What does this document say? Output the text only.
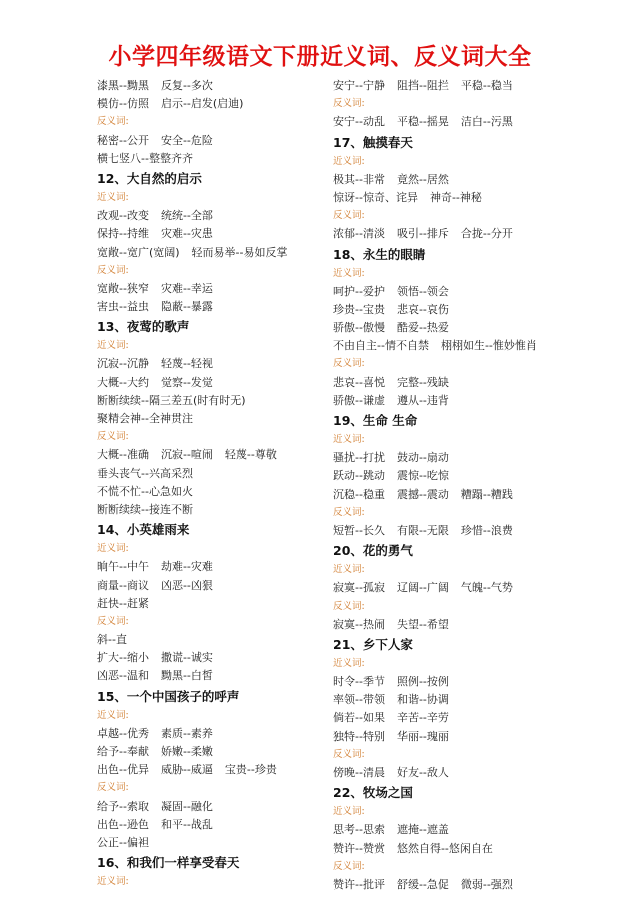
小学四年级语文下册近义词、反义词大全
漆黑--黝黑 反复--多次
模仿--仿照 启示--启发(启迪)
反义词:
秘密--公开 安全--危险
横七竖八--整整齐齐
12、大自然的启示
近义词:
改观--改变 统统--全部
保持--持维 灾难--灾患
宽敞--宽广(宽阔) 轻而易举--易如反掌
反义词:
宽敞--狭窄 灾难--幸运
害虫--益虫 隐蔽--暴露
13、夜莺的歌声
近义词:
沉寂--沉静 轻蔑--轻视
大概--大约 觉察--发觉
断断续续--隔三差五(时有时无)
聚精会神--全神贯注
反义词:
大概--准确 沉寂--喧闹 轻蔑--尊敬
垂头丧气--兴高采烈
不慌不忙--心急如火
断断续续--接连不断
14、小英雄雨来
近义词:
晌午--中午 劫难--灾难
商量--商议 凶恶--凶狠
赶快--赶紧
反义词:
斜--直
扩大--缩小 撒谎--诚实
凶恶--温和 黝黑--白皙
15、一个中国孩子的呼声
近义词:
卓越--优秀 素质--素养
给予--奉献 娇嫩--柔嫩
出色--优异 威胁--威逼 宝贵--珍贵
反义词:
给予--索取 凝固--融化
出色--逊色 和平--战乱
公正--偏袒
16、和我们一样享受春天
近义词:
安宁--宁静 阻挡--阻拦 平稳--稳当
反义词:
安宁--动乱 平稳--摇晃 洁白--污黑
17、触摸春天
近义词:
极其--非常 竟然--居然
惊讶--惊奇、诧异 神奇--神秘
反义词:
浓郁--清淡 吸引--排斥 合拢--分开
18、永生的眼睛
近义词:
呵护--爱护 领悟--领会
珍贵--宝贵 悲哀--哀伤
骄傲--傲慢 酷爱--热爱
不由自主--情不自禁 栩栩如生--惟妙惟肖
反义词:
悲哀--喜悦 完整--残缺
骄傲--谦虚 遵从--违背
19、生命 生命
近义词:
骚扰--打扰 鼓动--扇动
跃动--跳动 震惊--吃惊
沉稳--稳重 震撼--震动 糟蹋--糟践
反义词:
短暂--长久 有限--无限 珍惜--浪费
20、花的勇气
近义词:
寂寞--孤寂 辽阔--广阔 气魄--气势
反义词:
寂寞--热闹 失望--希望
21、乡下人家
近义词:
时令--季节 照例--按例
率领--带领 和谐--协调
倘若--如果 辛苦--辛劳
独特--特别 华丽--瑰丽
反义词:
傍晚--清晨 好友--敌人
22、牧场之国
近义词:
思考--思索 遮掩--遮盖
赞许--赞赏 悠然自得--悠闲自在
反义词:
赞许--批评 舒缓--急促 微弱--强烈
